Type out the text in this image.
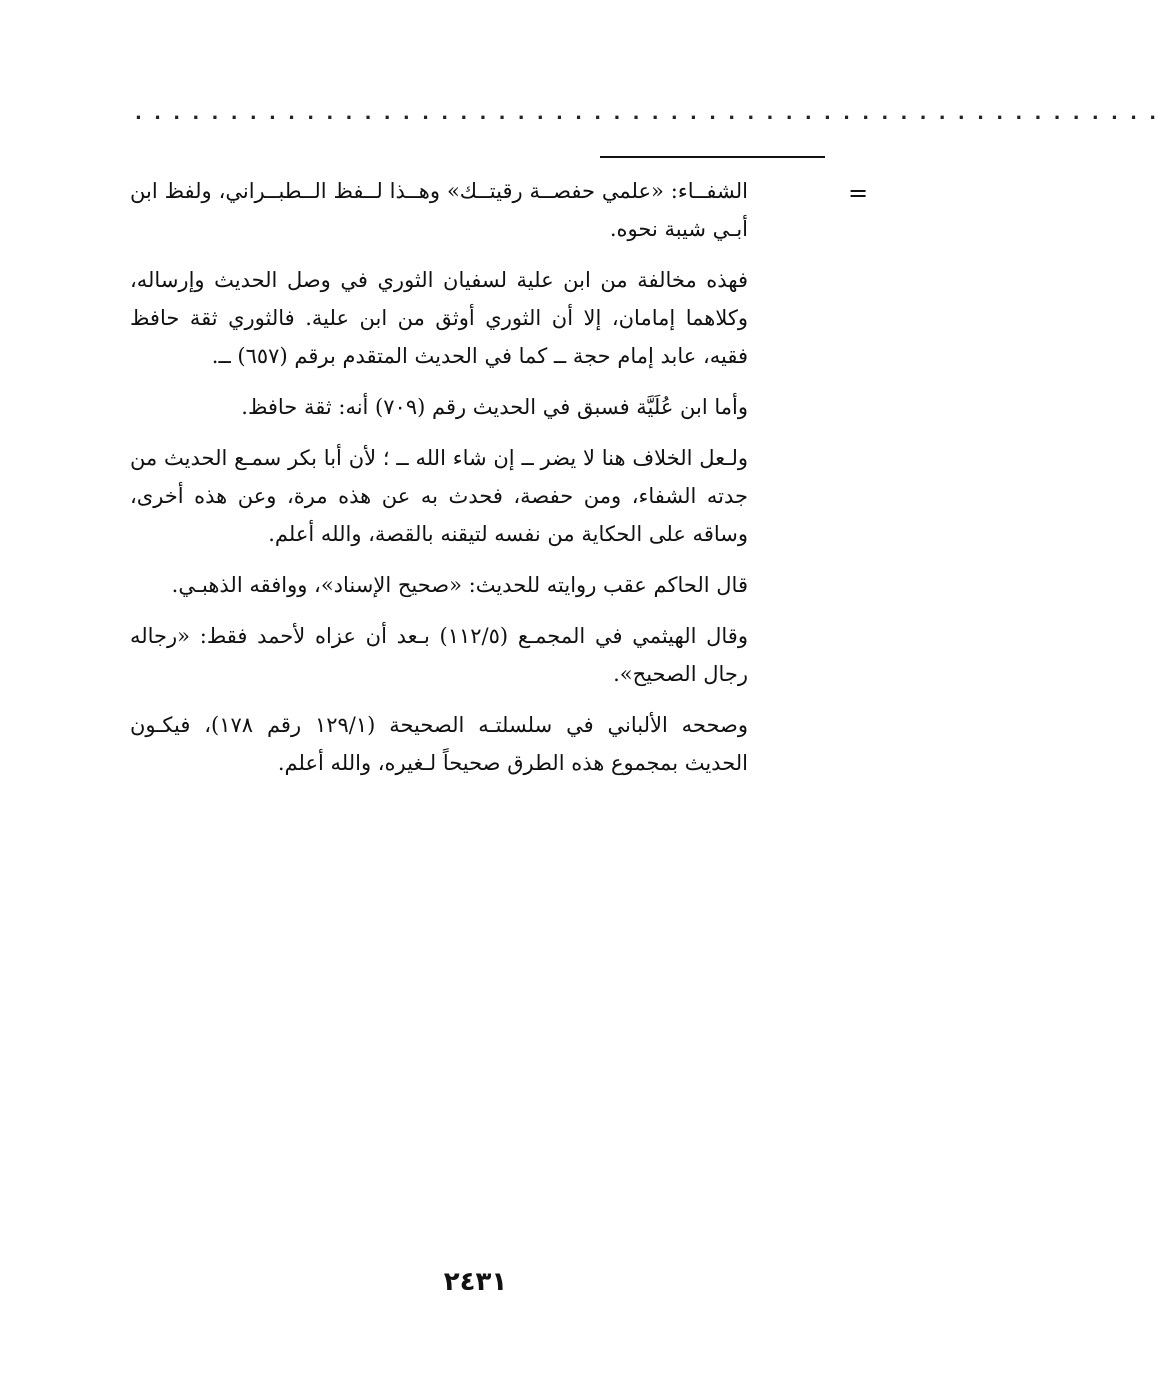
......................................................
=

الشفــاء: «علمي حفصــة رقيتــك» وهــذا لــفظ الــطبــراني، ولفظ ابن أبـي شيبة نحوه.

فهذه مخالفة من ابن علية لسفيان الثوري في وصل الحديث وإرساله، وكلاهما إمامان، إلا أن الثوري أوثق من ابن علية. فالثوري ثقة حافظ فقيه، عابد إمام حجة ــ كما في الحديث المتقدم برقم (٦٥٧) ــ.

وأما ابن عُلَيَّة فسبق في الحديث رقم (٧٠٩) أنه: ثقة حافظ.

ولـعل الخلاف هنا لا يضر ــ إن شاء الله ــ ؛ لأن أبا بكر سمـع الحديث من جدته الشفاء، ومن حفصة، فحدث به عن هذه مرة، وعن هذه أخرى، وساقه على الحكاية من نفسه لتيقنه بالقصة، والله أعلم.

قال الحاكم عقب روايته للحديث: «صحيح الإسناد»، ووافقه الذهبـي.

وقال الهيثمي في المجمـع (١١٢/٥) بـعد أن عزاه لأحمد فقط: «رجاله رجال الصحيح».

وصححه الألباني في سلسلتـه الصحيحة (١٢٩/١ رقم ١٧٨)، فيكـون الحديث بمجموع هذه الطرق صحيحاً لـغيره، والله أعلم.

٢٤٣١
